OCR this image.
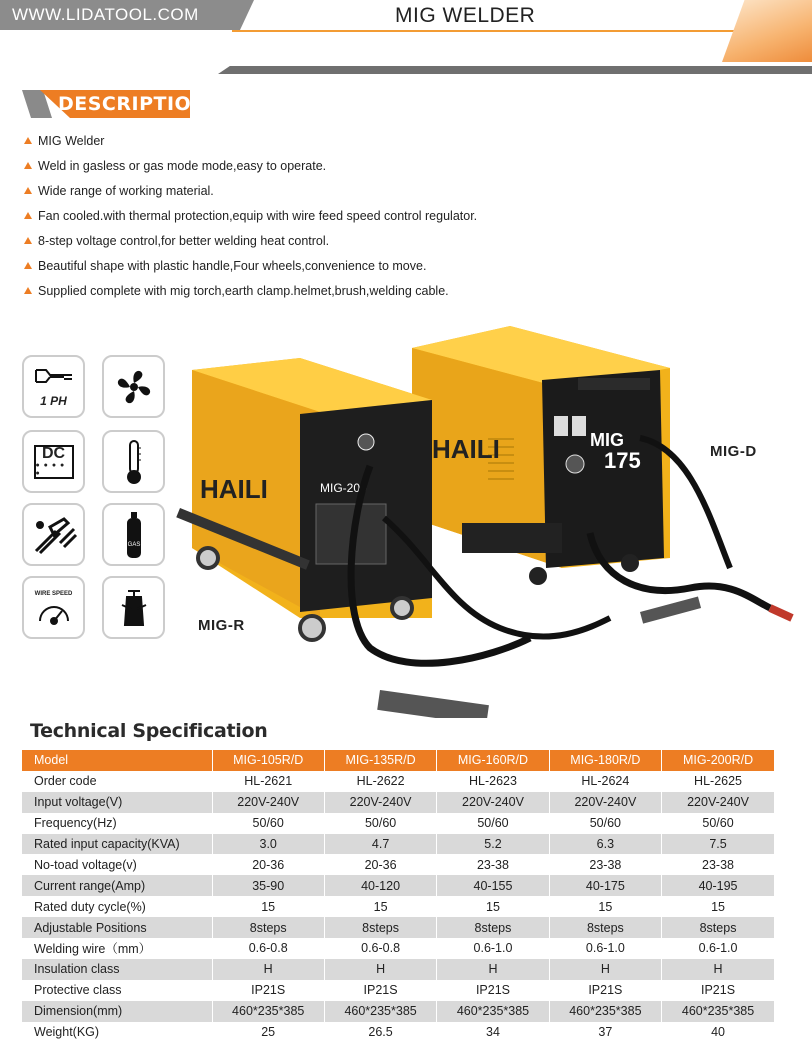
WWW.LIDATOOL.COM	MIG WELDER
DESCRIPTION
MIG Welder
Weld in gasless or gas mode mode,easy to operate.
Wide range of working material.
Fan cooled.with thermal protection,equip with wire feed speed control regulator.
8-step voltage control,for better welding heat control.
Beautiful shape with plastic handle,Four wheels,convenience to move.
Supplied complete with mig torch,earth clamp.helmet,brush,welding cable.
1 PH
DC
● ● ● ● ●
GAS
WIRE SPEED
HAILI	MIG
175
HAILI	MIG-200
MIG-R
MIG-D
Technical Specification
Model	MIG-105R/D	MIG-135R/D	MIG-160R/D	MIG-180R/D	MIG-200R/D
Order code	HL-2621	HL-2622	HL-2623	HL-2624	HL-2625
Input voltage(V)	220V-240V	220V-240V	220V-240V	220V-240V	220V-240V
Frequency(Hz)	50/60	50/60	50/60	50/60	50/60
Rated input capacity(KVA)	3.0	4.7	5.2	6.3	7.5
No-toad voltage(v)	20-36	20-36	23-38	23-38	23-38
Current range(Amp)	35-90	40-120	40-155	40-175	40-195
Rated duty cycle(%)	15	15	15	15	15
Adjustable Positions	8steps	8steps	8steps	8steps	8steps
Welding wire（mm）	0.6-0.8	0.6-0.8	0.6-1.0	0.6-1.0	0.6-1.0
Insulation class	H	H	H	H	H
Protective class	IP21S	IP21S	IP21S	IP21S	IP21S
Dimension(mm)	460*235*385	460*235*385	460*235*385	460*235*385	460*235*385
Weight(KG)	25	26.5	34	37	40
